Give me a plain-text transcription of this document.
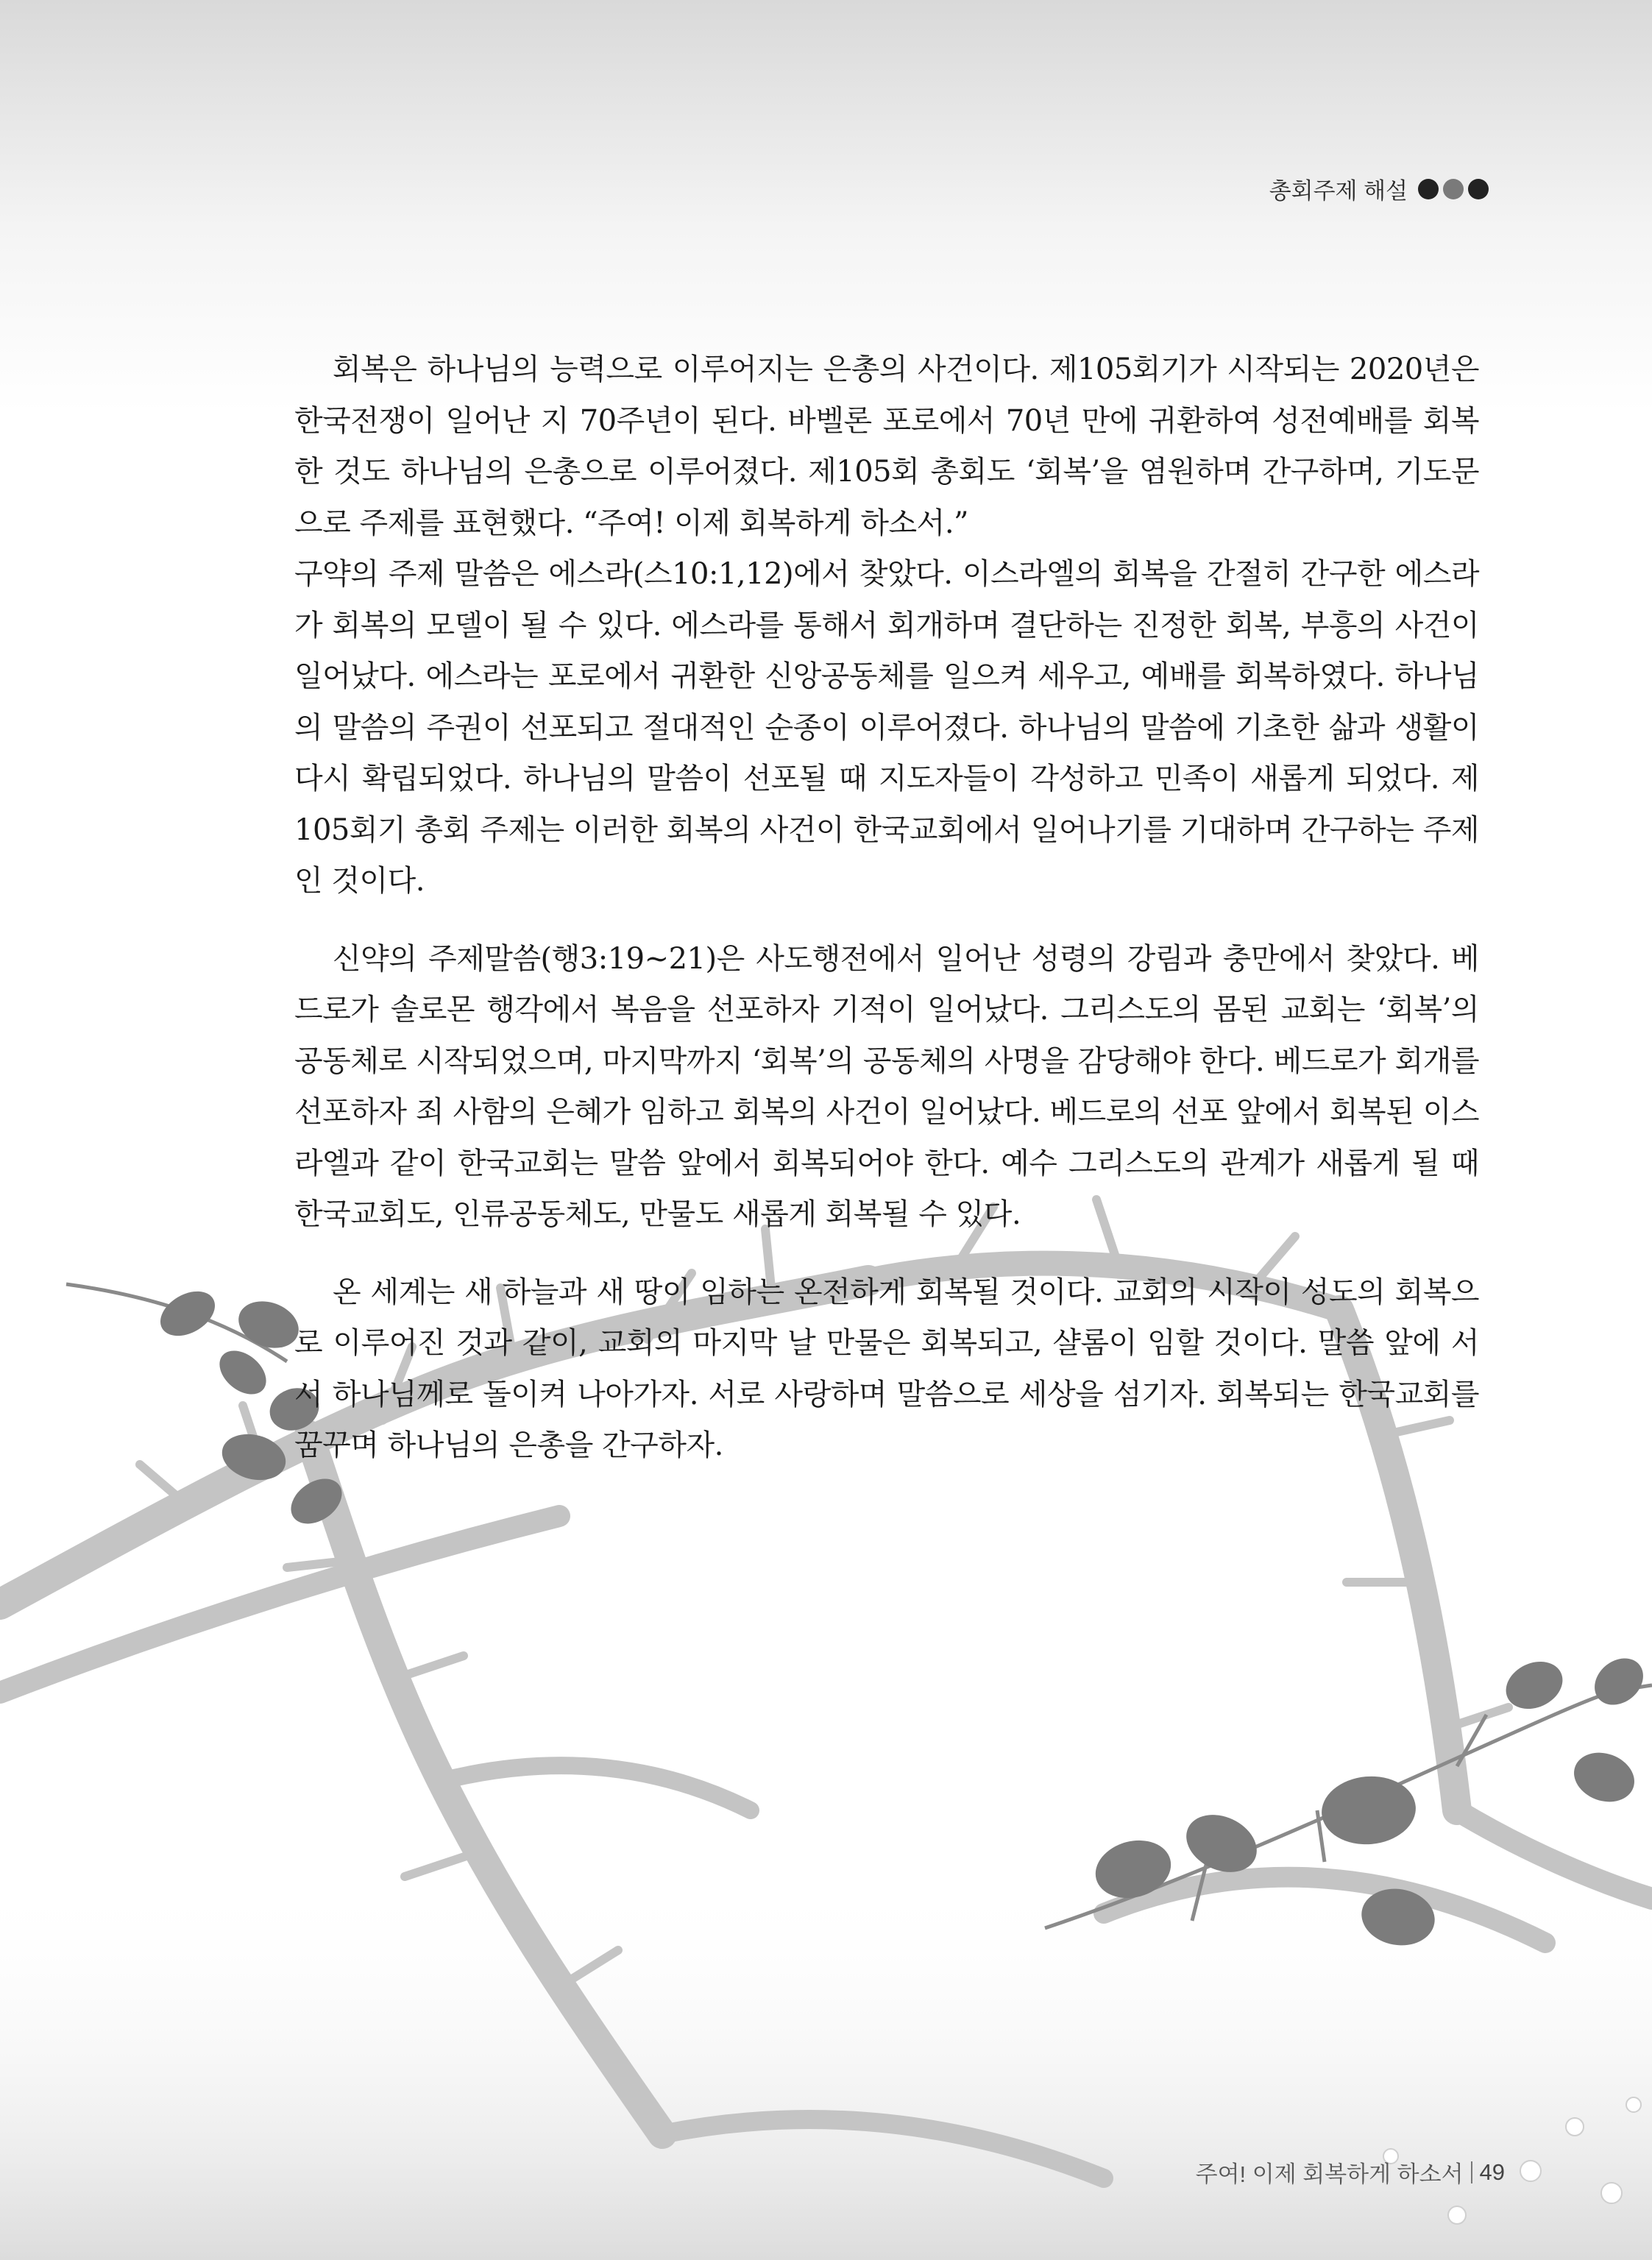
총회주제 해설

회복은 하나님의 능력으로 이루어지는 은총의 사건이다. 제105회기가 시작되는 2020년은 한국전쟁이 일어난 지 70주년이 된다. 바벨론 포로에서 70년 만에 귀환하여 성전예배를 회복한 것도 하나님의 은총으로 이루어졌다. 제105회 총회도 ‘회복’을 염원하며 간구하며, 기도문으로 주제를 표현했다. “주여! 이제 회복하게 하소서.”

구약의 주제 말씀은 에스라(스10:1,12)에서 찾았다. 이스라엘의 회복을 간절히 간구한 에스라가 회복의 모델이 될 수 있다. 에스라를 통해서 회개하며 결단하는 진정한 회복, 부흥의 사건이 일어났다. 에스라는 포로에서 귀환한 신앙공동체를 일으켜 세우고, 예배를 회복하였다. 하나님의 말씀의 주권이 선포되고 절대적인 순종이 이루어졌다. 하나님의 말씀에 기초한 삶과 생활이 다시 확립되었다. 하나님의 말씀이 선포될 때 지도자들이 각성하고 민족이 새롭게 되었다. 제105회기 총회 주제는 이러한 회복의 사건이 한국교회에서 일어나기를 기대하며 간구하는 주제인 것이다.

신약의 주제말씀(행3:19~21)은 사도행전에서 일어난 성령의 강림과 충만에서 찾았다. 베드로가 솔로몬 행각에서 복음을 선포하자 기적이 일어났다. 그리스도의 몸된 교회는 ‘회복’의 공동체로 시작되었으며, 마지막까지 ‘회복’의 공동체의 사명을 감당해야 한다. 베드로가 회개를 선포하자 죄 사함의 은혜가 임하고 회복의 사건이 일어났다. 베드로의 선포 앞에서 회복된 이스라엘과 같이 한국교회는 말씀 앞에서 회복되어야 한다. 예수 그리스도의 관계가 새롭게 될 때 한국교회도, 인류공동체도, 만물도 새롭게 회복될 수 있다.

온 세계는 새 하늘과 새 땅이 임하는 온전하게 회복될 것이다. 교회의 시작이 성도의 회복으로 이루어진 것과 같이, 교회의 마지막 날 만물은 회복되고, 샬롬이 임할 것이다. 말씀 앞에 서서 하나님께로 돌이켜 나아가자. 서로 사랑하며 말씀으로 세상을 섬기자. 회복되는 한국교회를 꿈꾸며 하나님의 은총을 간구하자.

주여! 이제 회복하게 하소서 49
